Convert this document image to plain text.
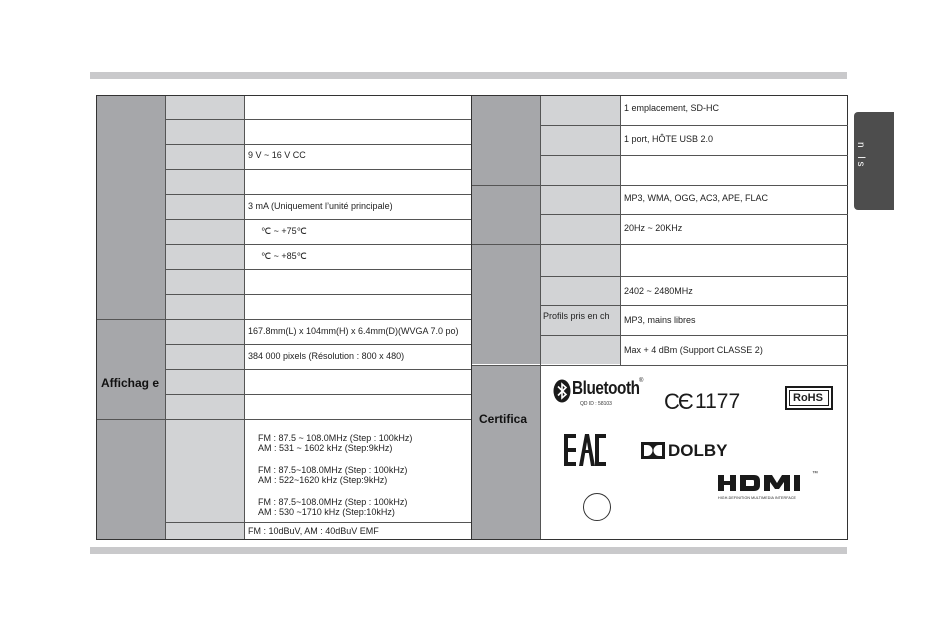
n ls
Affichag e
9 V ~ 16 V CC
3 mA (Uniquement l’unité principale)
℃ ~ +75℃
℃ ~ +85℃
167.8mm(L) x 104mm(H) x 6.4mm(D)(WVGA 7.0 po)
384 000 pixels (Résolution : 800 x 480)
FM : 87.5 ~ 108.0MHz (Step : 100kHz)
AM : 531 ~ 1602 kHz (Step:9kHz)
FM : 87.5~108.0MHz (Step : 100kHz)
AM : 522~1620 kHz (Step:9kHz)
FM : 87.5~108.0MHz (Step : 100kHz)
AM : 530 ~1710 kHz (Step:10kHz)
FM : 10dBuV, AM : 40dBuV EMF
Certifica
1 emplacement, SD-HC
1 port, HÔTE USB 2.0
MP3, WMA, OGG, AC3, APE, FLAC
20Hz ~ 20KHz
2402 ~ 2480MHz
Profils pris en ch MP3, mains libres
Max + 4 dBm (Support CLASSE 2)
Bluetooth ®
QD ID : 58103 CЄ 1177	RoHS
DOLBY
™
HIGH-DEFINITION MULTIMEDIA INTERFACE
